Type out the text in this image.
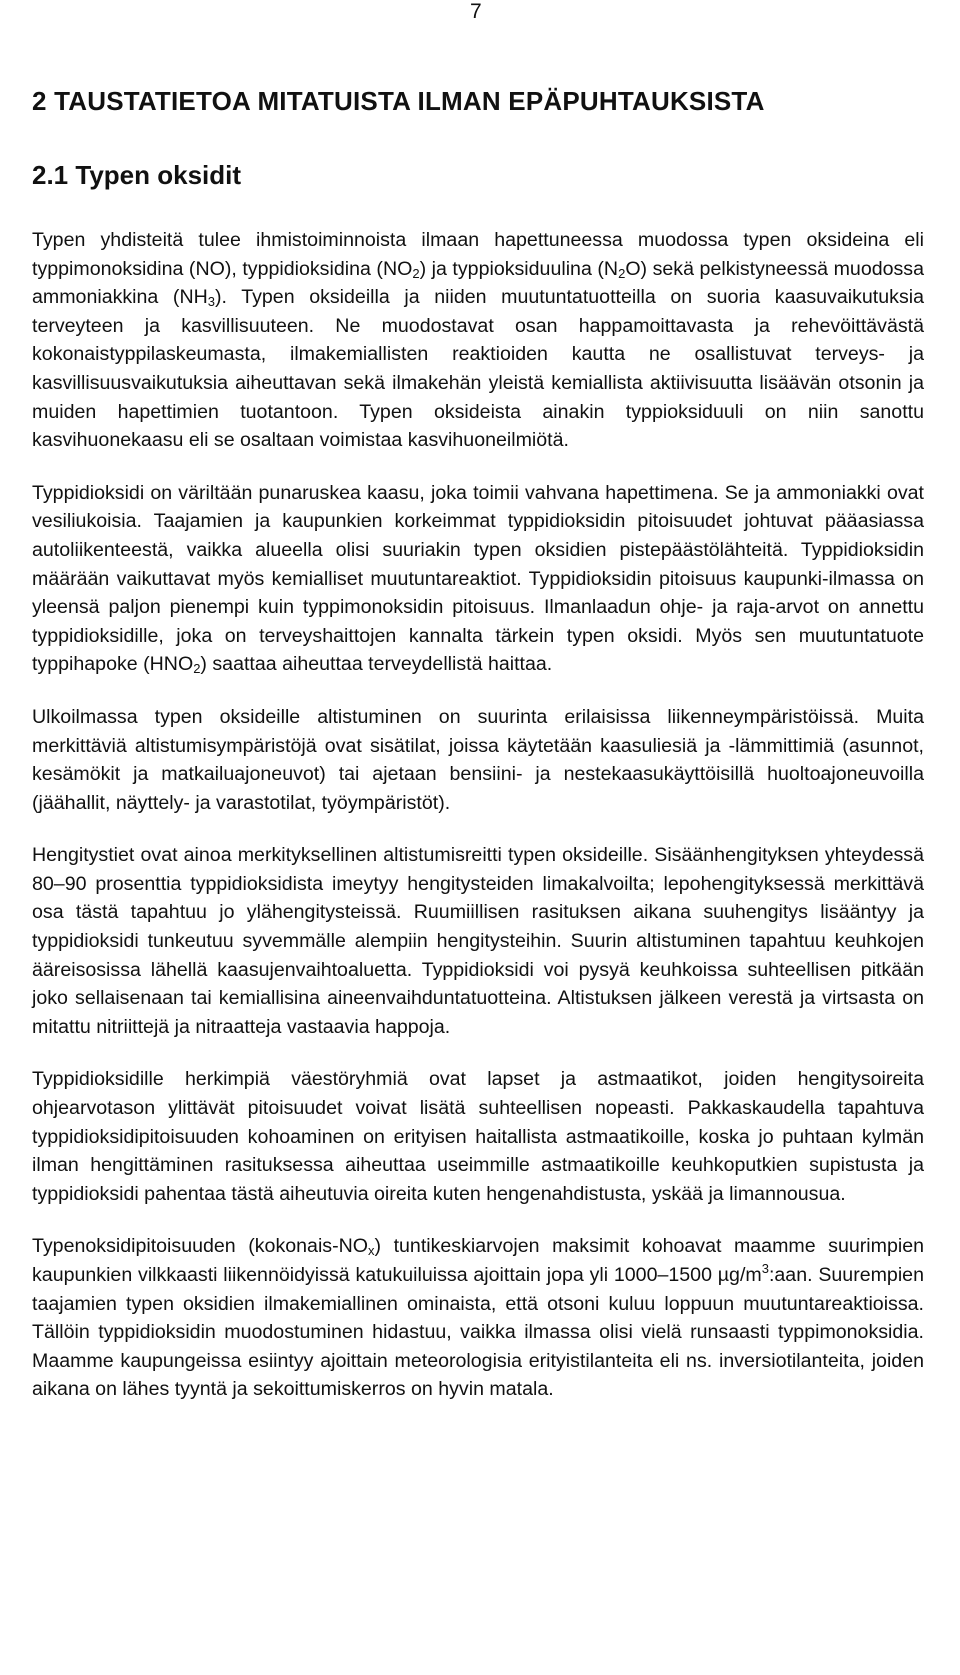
7
2 TAUSTATIETOA MITATUISTA ILMAN EPÄPUHTAUKSISTA
2.1 Typen oksidit

Typen yhdisteitä tulee ihmistoiminnoista ilmaan hapettuneessa muodossa typen oksideina eli typpimonoksidina (NO), typpidioksidina $(NO_2)$ ja typpioksiduulina $(N_2O)$ sekä pelkistyneessä muodossa ammoniakkina $(NH_3)$. Typen oksideilla ja niiden muutuntatuotteilla on suoria kaasuvaikutuksia terveyteen ja kasvillisuuteen. Ne muodostavat osan happamoittavasta ja rehevöittävästä kokonaistyppilaskeumasta, ilmakemiallisten reaktioiden kautta ne osallistuvat terveys- ja kasvillisuusvaikutuksia aiheuttavan sekä ilmakehän yleistä kemiallista aktiivisuutta lisäävän otsonin ja muiden hapettimien tuotantoon. Typen oksideista ainakin typpioksiduuli on niin sanottu kasvihuonekaasu eli se osaltaan voimistaa kasvihuoneilmiötä.

Typpidioksidi on väriltään punaruskea kaasu, joka toimii vahvana hapettimena. Se ja ammoniakki ovat vesiliukoisia. Taajamien ja kaupunkien korkeimmat typpidioksidin pitoisuudet johtuvat pääasiassa autoliikenteestä, vaikka alueella olisi suuriakin typen oksidien pistepäästölähteitä. Typpidioksidin määrään vaikuttavat myös kemialliset muutuntareaktiot. Typpidioksidin pitoisuus kaupunki-ilmassa on yleensä paljon pienempi kuin typpimonoksidin pitoisuus. Ilmanlaadun ohje- ja raja-arvot on annettu typpidioksidille, joka on terveyshaittojen kannalta tärkein typen oksidi. Myös sen muutuntatuote typpihapoke $(HNO_2)$ saattaa aiheuttaa terveydellistä haittaa.

Ulkoilmassa typen oksideille altistuminen on suurinta erilaisissa liikenneympäristöissä. Muita merkittäviä altistumisympäristöjä ovat sisätilat, joissa käytetään kaasuliesiä ja -lämmittimiä (asunnot, kesämökit ja matkailuajoneuvot) tai ajetaan bensiini- ja nestekaasukäyttöisillä huoltoajoneuvoilla (jäähallit, näyttely- ja varastotilat, työympäristöt).

Hengitystiet ovat ainoa merkityksellinen altistumisreitti typen oksideille. Sisäänhengityksen yhteydessä 80–90 prosenttia typpidioksidista imeytyy hengitysteiden limakalvoilta; lepohengityksessä merkittävä osa tästä tapahtuu jo ylähengitysteissä. Ruumiillisen rasituksen aikana suuhengitys lisääntyy ja typpidioksidi tunkeutuu syvemmälle alempiin hengitysteihin. Suurin altistuminen tapahtuu keuhkojen ääreisosissa lähellä kaasujenvaihtoaluetta. Typpidioksidi voi pysyä keuhkoissa suhteellisen pitkään joko sellaisenaan tai kemiallisina aineenvaihduntatuotteina. Altistuksen jälkeen verestä ja virtsasta on mitattu nitriittejä ja nitraatteja vastaavia happoja.

Typpidioksidille herkimpiä väestöryhmiä ovat lapset ja astmaatikot, joiden hengitysoireita ohjearvotason ylittävät pitoisuudet voivat lisätä suhteellisen nopeasti. Pakkaskaudella tapahtuva typpidioksidipitoisuuden kohoaminen on erityisen haitallista astmaatikoille, koska jo puhtaan kylmän ilman hengittäminen rasituksessa aiheuttaa useimmille astmaatikoille keuhkoputkien supistusta ja typpidioksidi pahentaa tästä aiheutuvia oireita kuten hengenahdistusta, yskää ja limannousua.

Typenoksidipitoisuuden $(kokonais-NO_x)$ tuntikeskiarvojen maksimit kohoavat maamme suurimpien kaupunkien vilkkaasti liikennöidyissä katukuiluissa ajoittain jopa yli 1000–1500 $\mu g/m^3:aan$. Suurempien taajamien typen oksidien ilmakemiallinen ominaista, että otsoni kuluu loppuun muutuntareaktioissa. Tällöin typpidioksidin muodostuminen hidastuu, vaikka ilmassa olisi vielä runsaasti typpimonoksidia. Maamme kaupungeissa esiintyy ajoittain meteorologisia erityistilanteita eli ns. inversiotilanteita, joiden aikana on lähes tyyntä ja sekoittumiskerros on hyvin matala.
